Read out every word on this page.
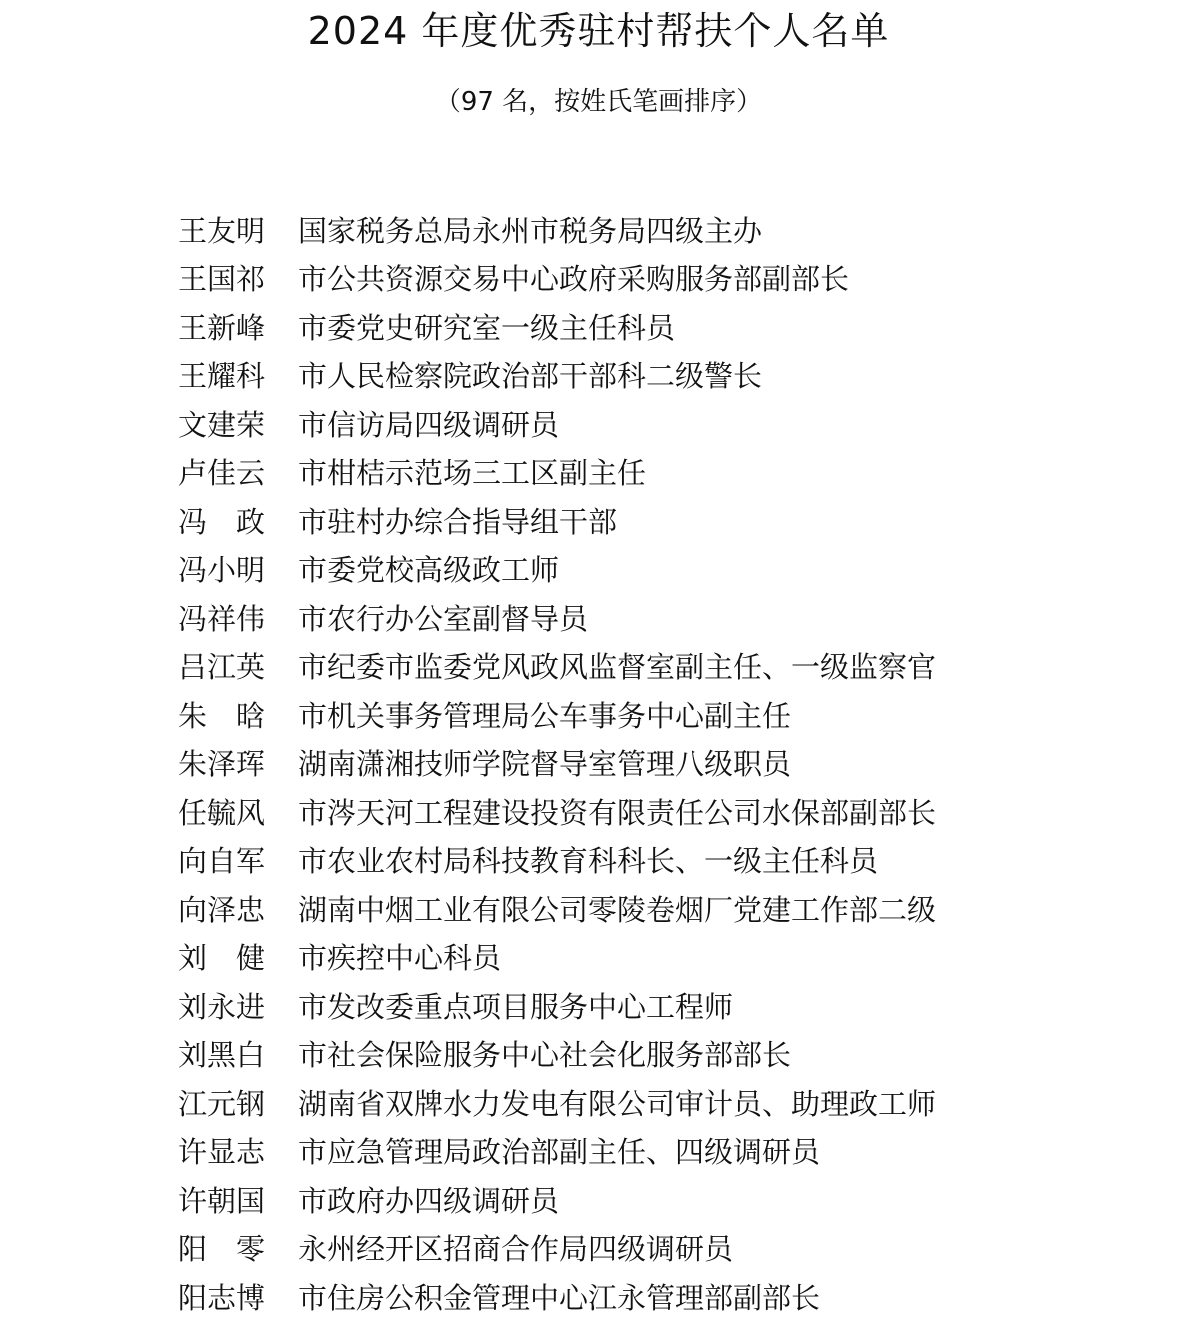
2024 年度优秀驻村帮扶个人名单
（97 名，按姓氏笔画排序）
王友明	国家税务总局永州市税务局四级主办
王国祁	市公共资源交易中心政府采购服务部副部长
王新峰	市委党史研究室一级主任科员
王耀科	市人民检察院政治部干部科二级警长
文建荣	市信访局四级调研员
卢佳云	市柑桔示范场三工区副主任
冯　政	市驻村办综合指导组干部
冯小明	市委党校高级政工师
冯祥伟	市农行办公室副督导员
吕江英	市纪委市监委党风政风监督室副主任、一级监察官
朱　晗	市机关事务管理局公车事务中心副主任
朱泽珲	湖南潇湘技师学院督导室管理八级职员
任毓风	市涔天河工程建设投资有限责任公司水保部副部长
向自军	市农业农村局科技教育科科长、一级主任科员
向泽忠	湖南中烟工业有限公司零陵卷烟厂党建工作部二级
刘　健	市疾控中心科员
刘永进	市发改委重点项目服务中心工程师
刘黑白	市社会保险服务中心社会化服务部部长
江元钢	湖南省双牌水力发电有限公司审计员、助理政工师
许显志	市应急管理局政治部副主任、四级调研员
许朝国	市政府办四级调研员
阳　零	永州经开区招商合作局四级调研员
阳志博	市住房公积金管理中心江永管理部副部长
